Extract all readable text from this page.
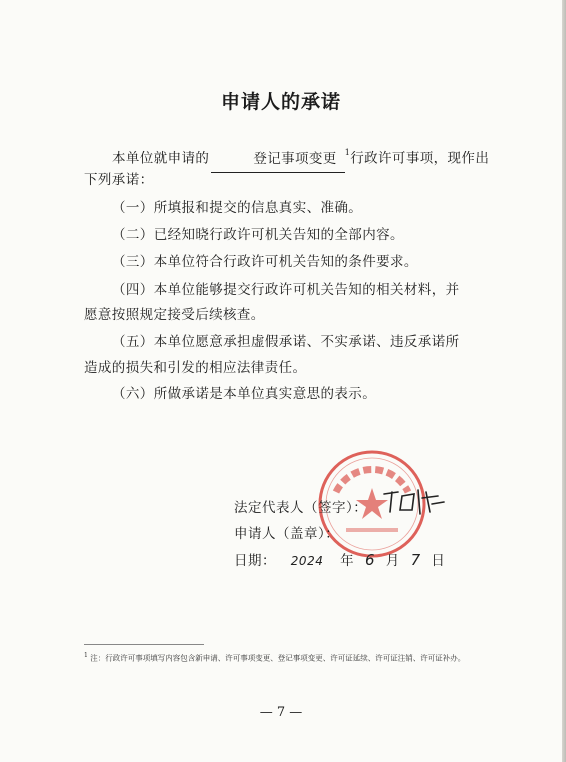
申请人的承诺
本单位就申请的	登记事项变更 $^1$行政许可事项，现作出
下列承诺：
（一）所填报和提交的信息真实、准确。
（二）已经知晓行政许可机关告知的全部内容。
（三）本单位符合行政许可机关告知的条件要求。
（四）本单位能够提交行政许可机关告知的相关材料，并
愿意按照规定接受后续核查。
（五）本单位愿意承担虚假承诺、不实承诺、违反承诺所
造成的损失和引发的相应法律责任。
（六）所做承诺是本单位真实意思的表示。
法定代表人（签字）：
申请人（盖章）：
日期： 2024 年 6 月 7 日
$^1$ 注：行政许可事项填写内容包含新申请、许可事项变更、登记事项变更、许可证延续、许可证注销、许可证补办。
— 7 —
